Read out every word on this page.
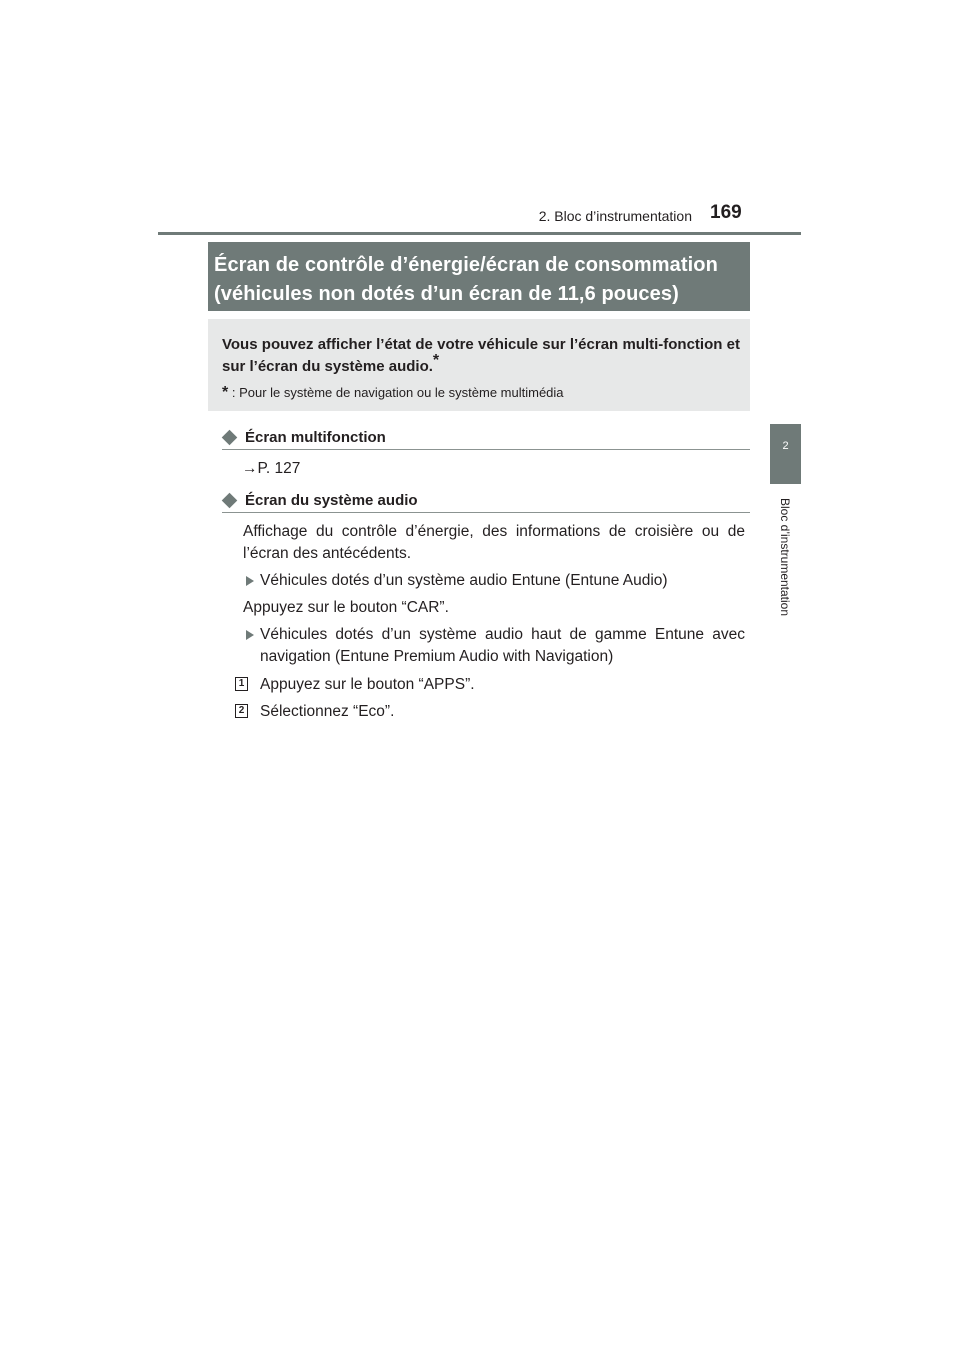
2. Bloc d’instrumentation 169
2
Bloc d’instrumentation
Écran de contrôle d’énergie/écran de consommation
(véhicules non dotés d’un écran de 11,6 pouces)
Vous pouvez afficher l’état de votre véhicule sur l’écran multi-fonction et sur l’écran du système audio.*
* : Pour le système de navigation ou le système multimédia
Écran multifonction
→P. 127
Écran du système audio
Affichage du contrôle d’énergie, des informations de croisière ou de l’écran des antécédents.
Véhicules dotés d’un système audio Entune (Entune Audio)
Appuyez sur le bouton “CAR”.
Véhicules dotés d’un système audio haut de gamme Entune avec navigation (Entune Premium Audio with Navigation)
1 Appuyez sur le bouton “APPS”.
2 Sélectionnez “Eco”.
